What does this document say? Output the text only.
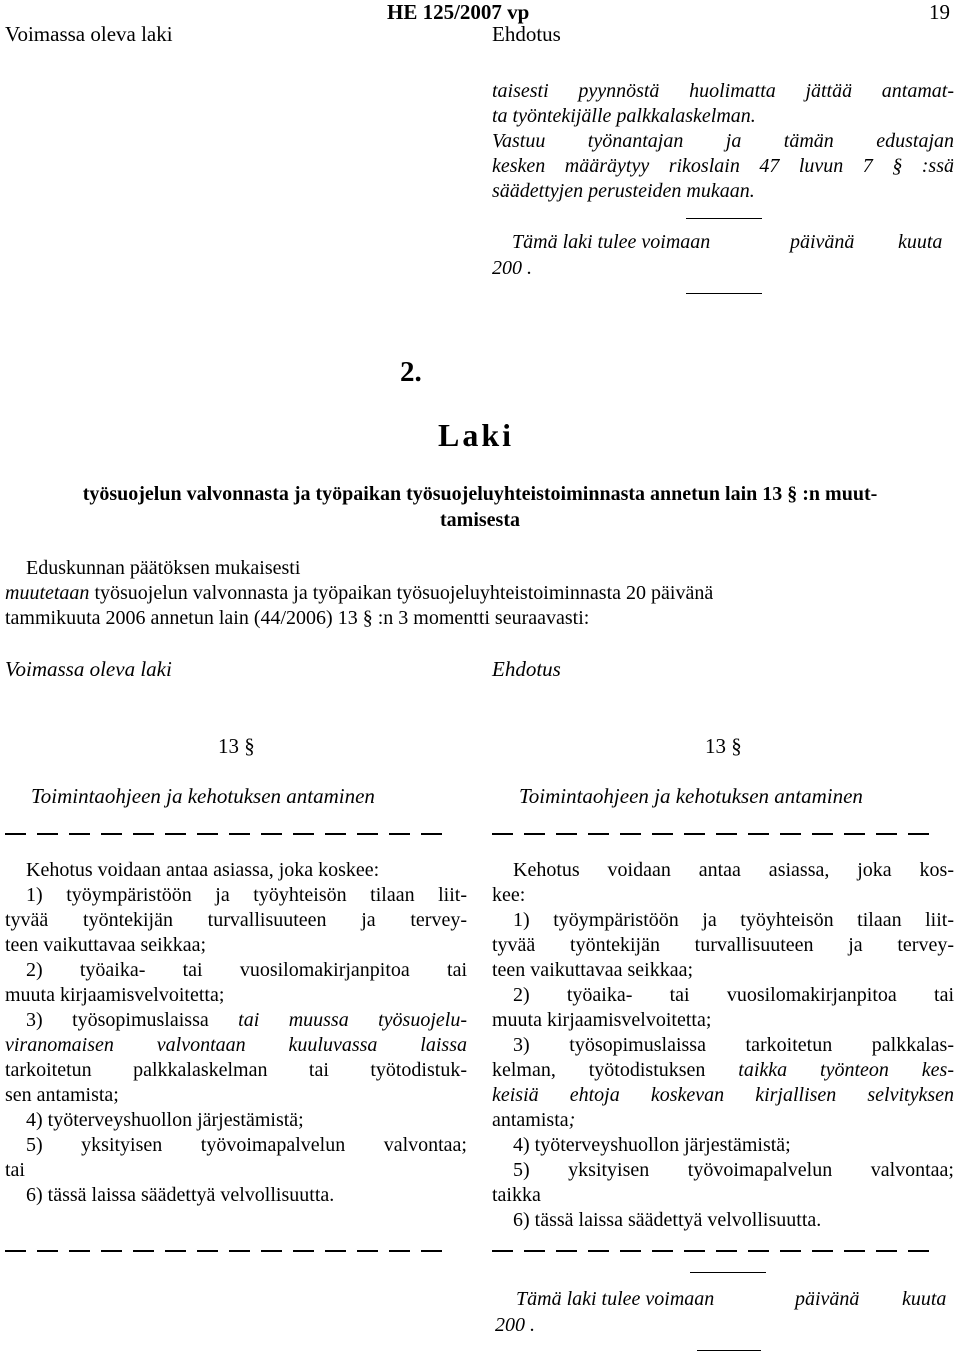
Voimassa oleva laki
HE 125/2007 vp
Ehdotus
19
taisesti pyynnöstä huolimatta jättää antamat-
ta työntekijälle palkkalaskelman.
Vastuu työnantajan ja tämän edustajan
kesken määräytyy rikoslain 47 luvun 7 § :ssä
säädettyjen perusteiden mukaan.
Tämä laki tulee voimaan	päivänä kuuta
200 .
2.
Laki
työsuojelun valvonnasta ja työpaikan työsuojeluyhteistoiminnasta annetun lain 13 § :n muut-
tamisesta
Eduskunnan päätöksen mukaisesti
muutetaan työsuojelun valvonnasta ja työpaikan työsuojeluyhteistoiminnasta 20 päivänä
tammikuuta 2006 annetun lain (44/2006) 13 § :n 3 momentti seuraavasti:
Voimassa oleva laki	Ehdotus
13 §
Toimintaohjeen ja kehotuksen antaminen
Kehotus voidaan antaa asiassa, joka koskee:
1) työympäristöön ja työyhteisön tilaan liit-
tyvää työntekijän turvallisuuteen ja tervey-
teen vaikuttavaa seikkaa;
2) työaika- tai vuosilomakirjanpitoa tai
muuta kirjaamisvelvoitetta;
3) työsopimuslaissa tai muussa työsuojelu-
viranomaisen valvontaan kuuluvassa laissa
tarkoitetun palkkalaskelman tai työtodistuk-
sen antamista;
4) työterveyshuollon järjestämistä;
5) yksityisen työvoimapalvelun valvontaa;
tai
6) tässä laissa säädettyä velvollisuutta.
13 §
Toimintaohjeen ja kehotuksen antaminen
Kehotus voidaan antaa asiassa, joka kos-
kee:
1) työympäristöön ja työyhteisön tilaan liit-
tyvää työntekijän turvallisuuteen ja tervey-
teen vaikuttavaa seikkaa;
2) työaika- tai vuosilomakirjanpitoa tai
muuta kirjaamisvelvoitetta;
3) työsopimuslaissa tarkoitetun palkkalas-
kelman, työtodistuksen taikka työnteon kes-
keisiä ehtoja koskevan kirjallisen selvityksen
antamista;
4) työterveyshuollon järjestämistä;
5) yksityisen työvoimapalvelun valvontaa;
taikka
6) tässä laissa säädettyä velvollisuutta.
Tämä laki tulee voimaan	päivänä kuuta
200 .
